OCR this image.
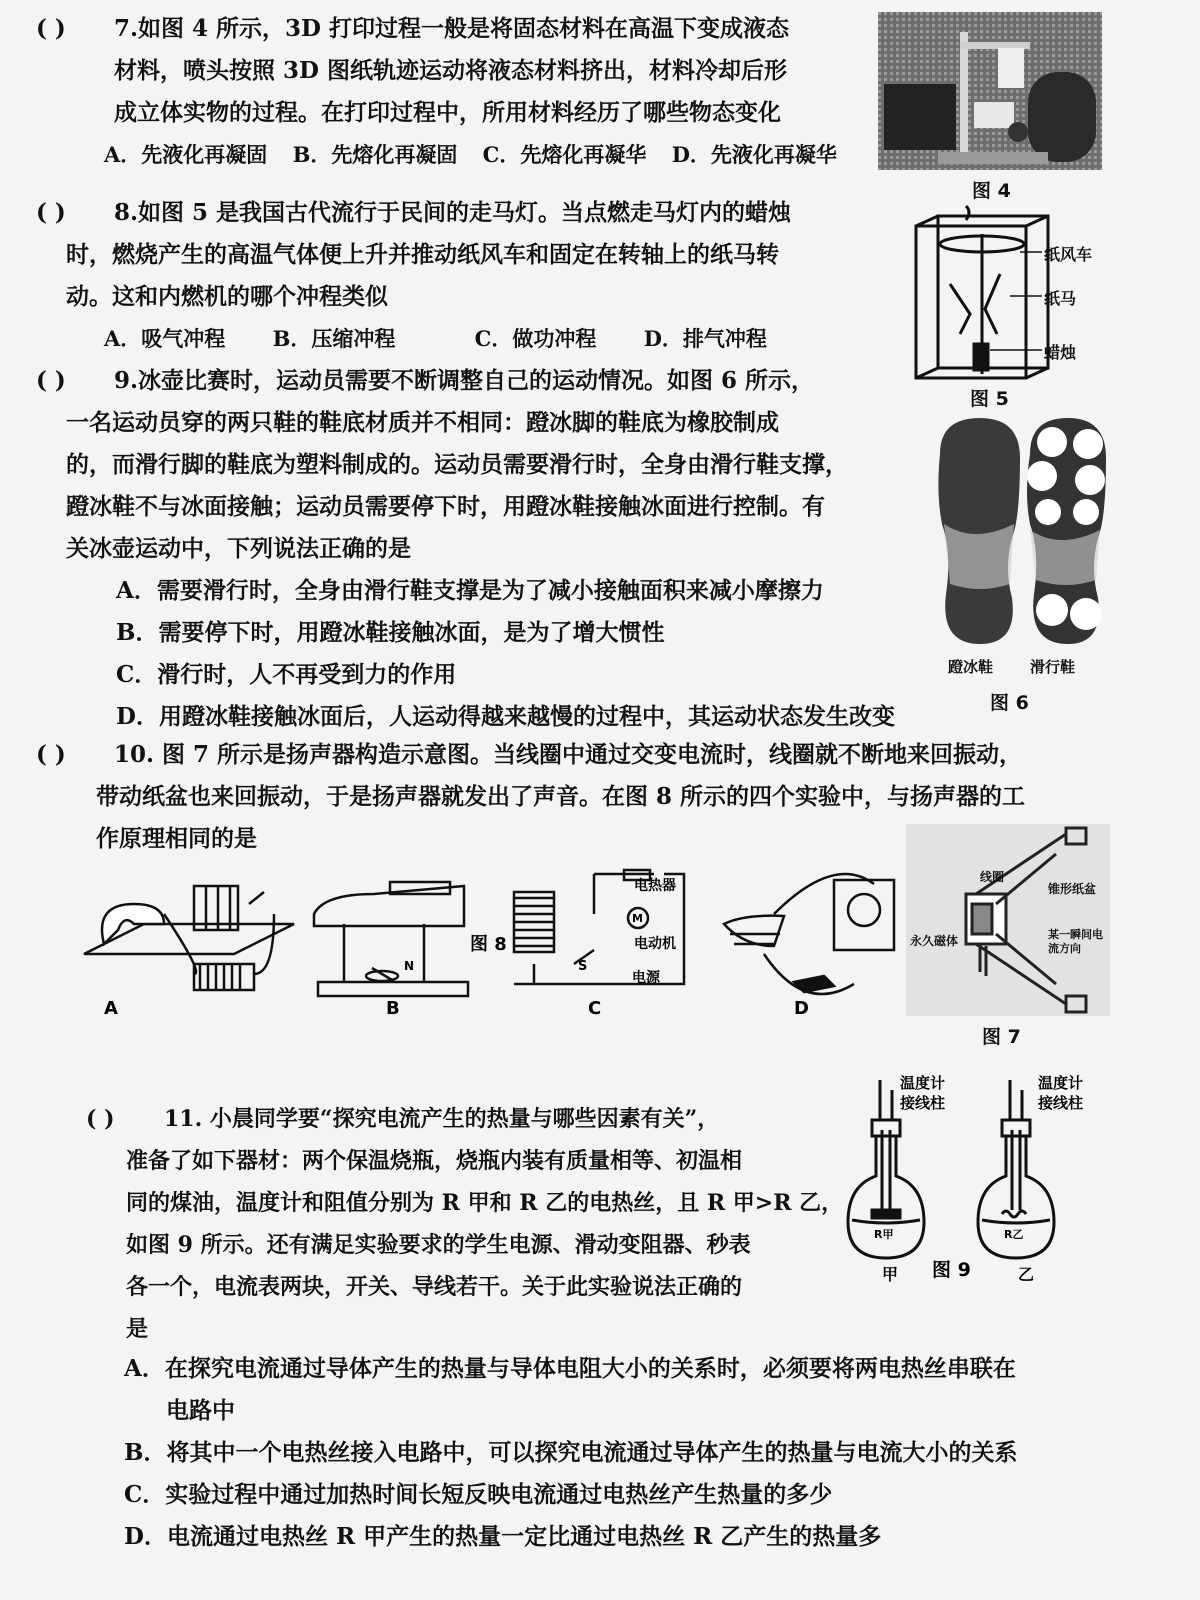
( ) 7.如图 4 所示，3D 打印过程一般是将固态材料在高温下变成液态
材料，喷头按照 3D 图纸轨迹运动将液态材料挤出，材料冷却后形
成立体实物的过程。在打印过程中，所用材料经历了哪些物态变化
A．先液化再凝固 B．先熔化再凝固 C．先熔化再凝华 D．先液化再凝华
图 4
( ) 8.如图 5 是我国古代流行于民间的走马灯。当点燃走马灯内的蜡烛
时，燃烧产生的高温气体便上升并推动纸风车和固定在转轴上的纸马转
动。这和内燃机的哪个冲程类似
A．吸气冲程 B．压缩冲程	C．做功冲程 D．排气冲程
纸风车
纸马
蜡烛
图 5
( ) 9.冰壶比赛时，运动员需要不断调整自己的运动情况。如图 6 所示，
一名运动员穿的两只鞋的鞋底材质并不相同：蹬冰脚的鞋底为橡胶制成
的，而滑行脚的鞋底为塑料制成的。运动员需要滑行时，全身由滑行鞋支撑，
蹬冰鞋不与冰面接触；运动员需要停下时，用蹬冰鞋接触冰面进行控制。有
关冰壶运动中，下列说法正确的是
A．需要滑行时，全身由滑行鞋支撑是为了减小接触面积来减小摩擦力
B．需要停下时，用蹬冰鞋接触冰面，是为了增大惯性
C．滑行时，人不再受到力的作用
D．用蹬冰鞋接触冰面后，人运动得越来越慢的过程中，其运动状态发生改变
蹬冰鞋 滑行鞋
图 6
( ) 10. 图 7 所示是扬声器构造示意图。当线圈中通过交变电流时，线圈就不断地来回振动，
带动纸盆也来回振动，于是扬声器就发出了声音。在图 8 所示的四个实验中，与扬声器的工
作原理相同的是
A	B	C	D
图 8
电热器
电动机
电源
M
S
N
线圈
锥形纸盆
永久磁体	某一瞬间电流方向
图 7
( ) 11. 小晨同学要“探究电流产生的热量与哪些因素有关”，
准备了如下器材：两个保温烧瓶，烧瓶内装有质量相等、初温相
同的煤油，温度计和阻值分别为 R 甲和 R 乙的电热丝，且 R 甲>R 乙，
如图 9 所示。还有满足实验要求的学生电源、滑动变阻器、秒表
各一个，电流表两块，开关、导线若干。关于此实验说法正确的
是
A．在探究电流通过导体产生的热量与导体电阻大小的关系时，必须要将两电热丝串联在
电路中
B．将其中一个电热丝接入电路中，可以探究电流通过导体产生的热量与电流大小的关系
C．实验过程中通过加热时间长短反映电流通过电热丝产生热量的多少
D．电流通过电热丝 R 甲产生的热量一定比通过电热丝 R 乙产生的热量多
温度计
接线柱
温度计
接线柱
R甲	R乙
甲	乙
图 9
